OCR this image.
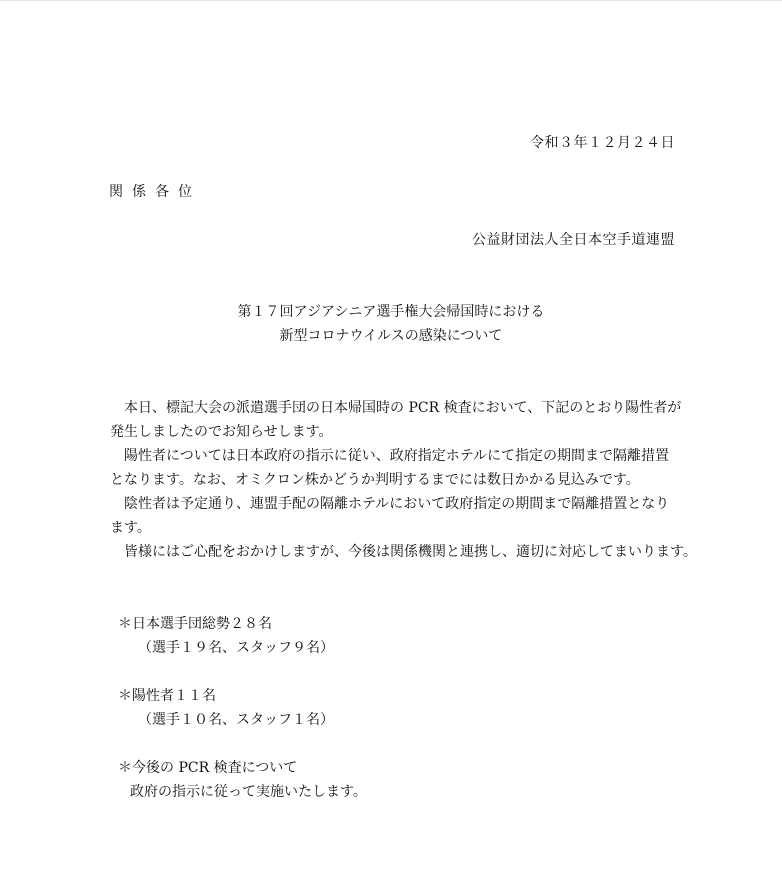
令和３年１２月２４日
関係各位
公益財団法人全日本空手道連盟
第１７回アジアシニア選手権大会帰国時における
新型コロナウイルスの感染について
　本日、標記大会の派遣選手団の日本帰国時の PCR 検査において、下記のとおり陽性者が
発生しましたのでお知らせします。
　陽性者については日本政府の指示に従い、政府指定ホテルにて指定の期間まで隔離措置
となります。なお、オミクロン株かどうか判明するまでには数日かかる見込みです。
　陰性者は予定通り、連盟手配の隔離ホテルにおいて政府指定の期間まで隔離措置となり
ます。
　皆様にはご心配をおかけしますが、今後は関係機関と連携し、適切に対応してまいります。
＊日本選手団総勢２８名
（選手１９名、スタッフ９名）
＊陽性者１１名
（選手１０名、スタッフ１名）
＊今後の PCR 検査について
政府の指示に従って実施いたします。
